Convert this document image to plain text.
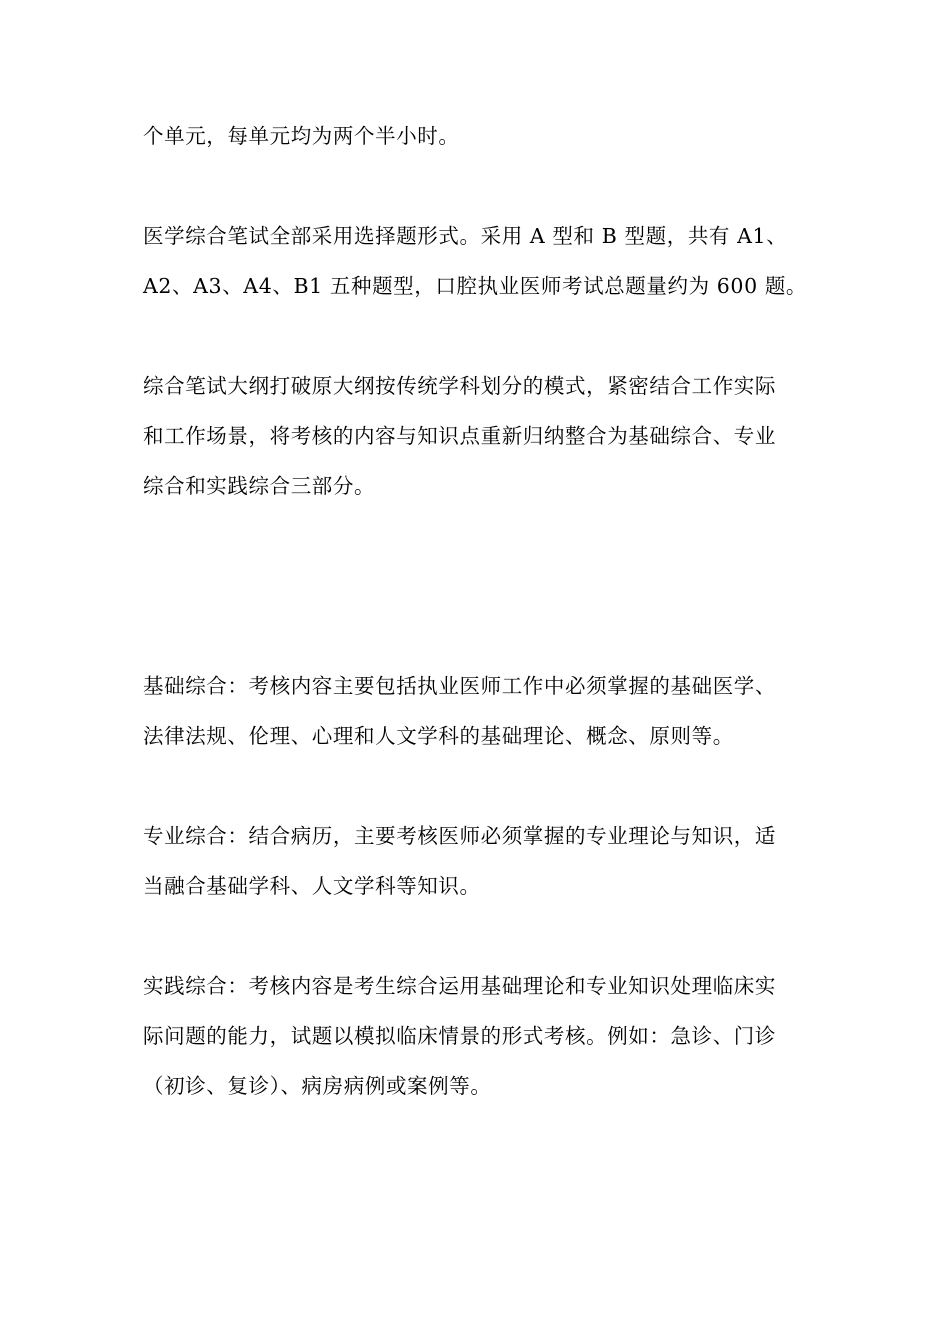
个单元，每单元均为两个半小时。
医学综合笔试全部采用选择题形式。采用 A 型和 B 型题，共有 A1、
A2、A3、A4、B1 五种题型，口腔执业医师考试总题量约为 600 题。
综合笔试大纲打破原大纲按传统学科划分的模式，紧密结合工作实际
和工作场景，将考核的内容与知识点重新归纳整合为基础综合、专业
综合和实践综合三部分。
基础综合：考核内容主要包括执业医师工作中必须掌握的基础医学、
法律法规、伦理、心理和人文学科的基础理论、概念、原则等。
专业综合：结合病历，主要考核医师必须掌握的专业理论与知识，适
当融合基础学科、人文学科等知识。
实践综合：考核内容是考生综合运用基础理论和专业知识处理临床实
际问题的能力，试题以模拟临床情景的形式考核。例如：急诊、门诊
（初诊、复诊）、病房病例或案例等。
